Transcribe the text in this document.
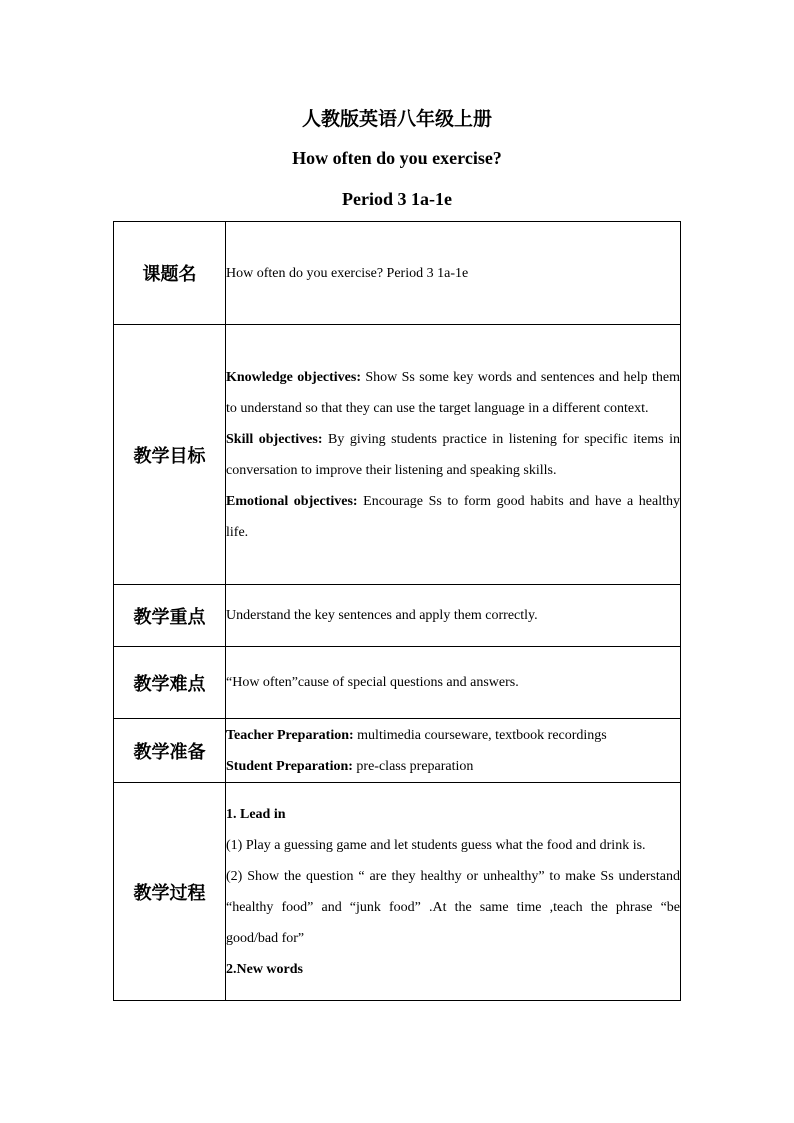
人教版英语八年级上册
How often do you exercise?
Period 3 1a-1e
课题名	How often do you exercise? Period 3 1a-1e
教学目标	Knowledge objectives: Show Ss some key words and sentences and help them to understand so that they can use the target language in a different context.
Skill objectives: By giving students practice in listening for specific items in conversation to improve their listening and speaking skills.
Emotional objectives: Encourage Ss to form good habits and have a healthy life.

教学重点	Understand the key sentences and apply them correctly.
教学难点	“How often”cause of special questions and answers.
教学准备	Teacher Preparation: multimedia courseware, textbook recordings
Student Preparation: pre-class preparation

教学过程	1. Lead in
(1) Play a guessing game and let students guess what the food and drink is.
(2) Show the question “ are they healthy or unhealthy” to make Ss understand “healthy food” and “junk food” .At the same time ,teach the phrase “be good/bad for”
2.New words
